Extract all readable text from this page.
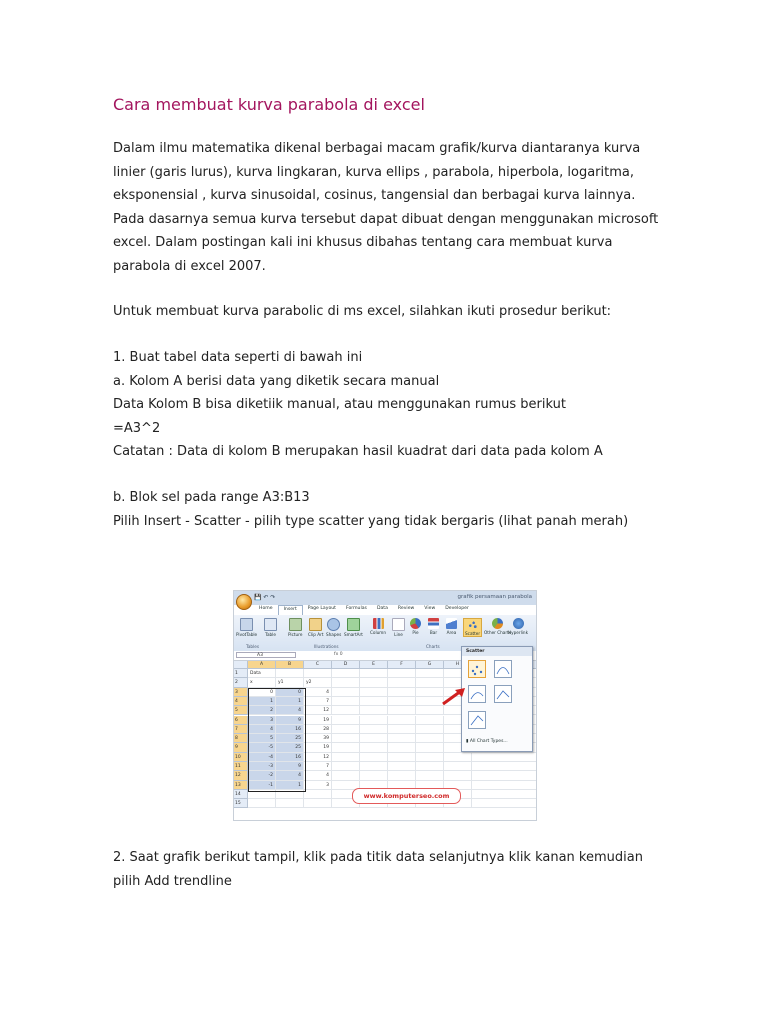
Cara membuat kurva parabola di excel

Dalam ilmu matematika dikenal berbagai macam grafik/kurva diantaranya kurva
linier (garis lurus), kurva lingkaran, kurva ellips , parabola, hiperbola, logaritma,
eksponensial , kurva sinusoidal, cosinus, tangensial dan berbagai kurva lainnya.
Pada dasarnya semua kurva tersebut dapat dibuat dengan menggunakan microsoft
excel. Dalam postingan kali ini khusus dibahas tentang cara membuat kurva
parabola di excel 2007.

Untuk membuat kurva parabolic di ms excel, silahkan ikuti prosedur berikut:

1. Buat tabel data seperti di bawah ini
a. Kolom A berisi data yang diketik secara manual
Data Kolom B bisa diketiik manual, atau menggunakan rumus berikut
=A3^2
Catatan : Data di kolom B merupakan hasil kuadrat dari data pada kolom A

b. Blok sel pada range A3:B13
Pilih Insert - Scatter - pilih type scatter yang tidak bergaris (lihat panah merah)

💾 ↶ ↷	grafik persamaan parabola
Home	Insert	Page Layout	Formulas	Data	Review	View	Developer
PivotTable Table	Picture Clip Art Shapes SmartArt Column	Line	Pie	Bar	Area	Scatter Other Charts
Hyperlink
Tables	Illustrations	Charts
A3	fx 0
A	B	C	D	E	F	G	H
1	Data
2	x	y1	y2
3	0	0	4
4	1	1	7
5	2	4	12
6	3	9	19
7	4	16	28
8	5	25	39
9	-5	25	19
10	-4	16	12
11	-3	9	7
12	-2	4	4
13	-1	1	3
14
15
Scatter
▮ All Chart Types...
www.komputerseo.com

2. Saat grafik berikut tampil, klik pada titik data selanjutnya klik kanan kemudian
pilih Add trendline
